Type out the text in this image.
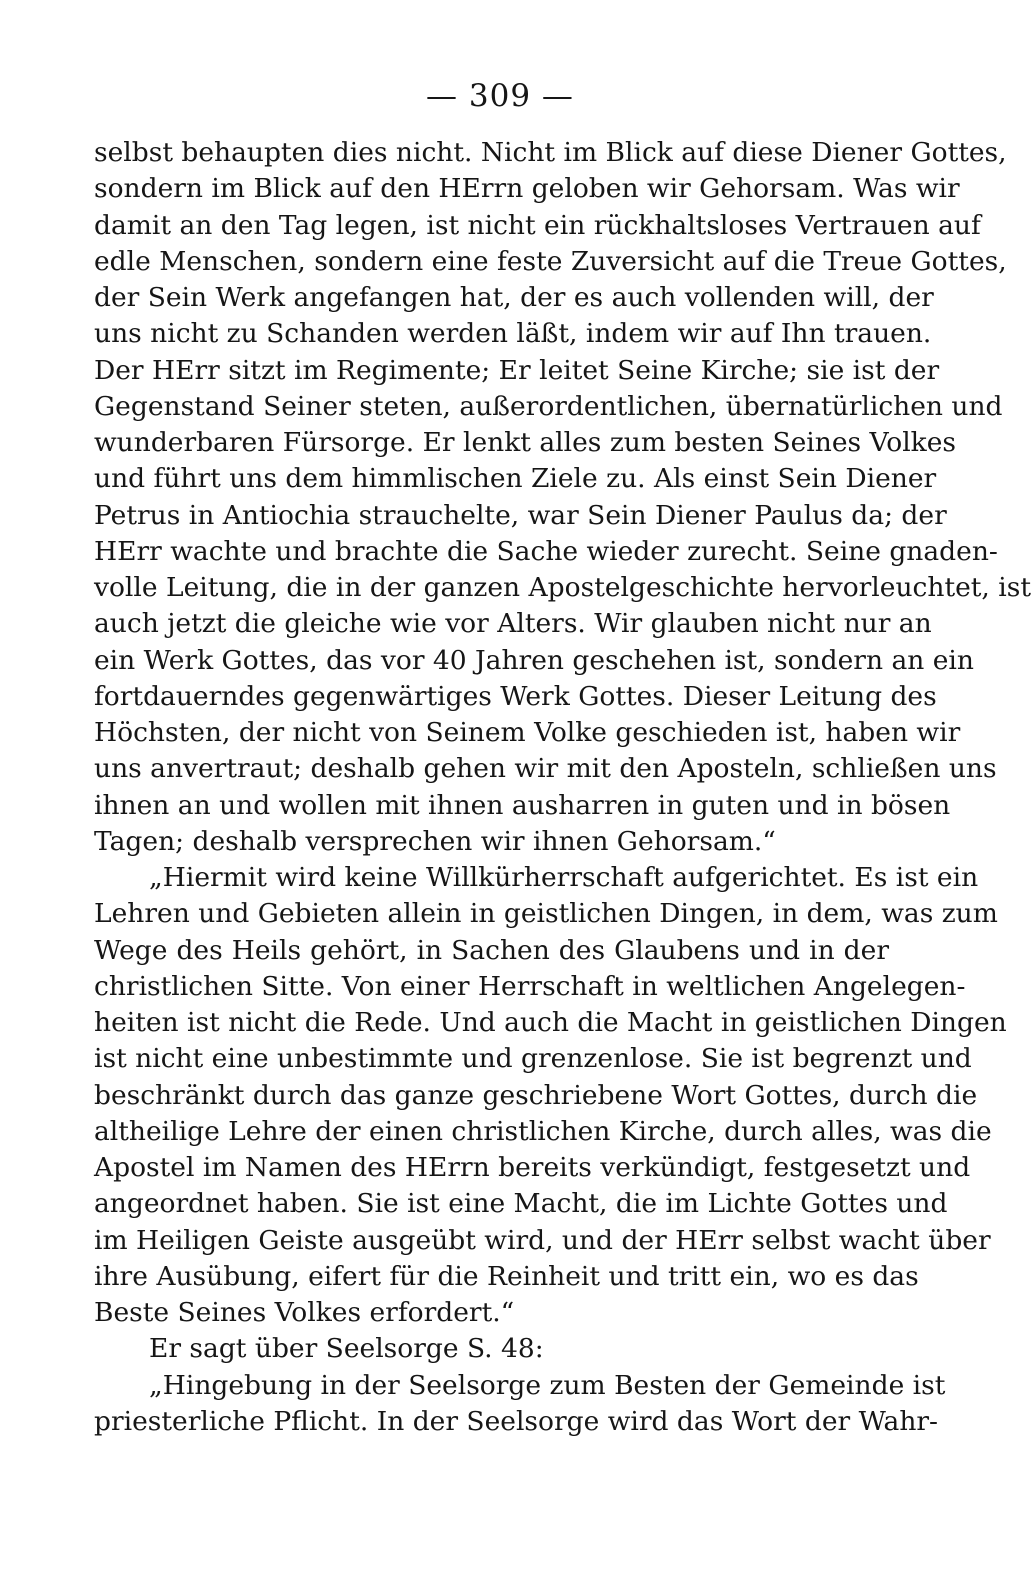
— 309 —
selbst behaupten dies nicht. Nicht im Blick auf diese Diener Gottes,
sondern im Blick auf den HErrn geloben wir Gehorsam. Was wir
damit an den Tag legen, ist nicht ein rückhaltsloses Vertrauen auf
edle Menschen, sondern eine feste Zuversicht auf die Treue Gottes,
der Sein Werk angefangen hat, der es auch vollenden will, der
uns nicht zu Schanden werden läßt, indem wir auf Ihn trauen.
Der HErr sitzt im Regimente; Er leitet Seine Kirche; sie ist der
Gegenstand Seiner steten, außerordentlichen, übernatürlichen und
wunderbaren Fürsorge. Er lenkt alles zum besten Seines Volkes
und führt uns dem himmlischen Ziele zu. Als einst Sein Diener
Petrus in Antiochia strauchelte, war Sein Diener Paulus da; der
HErr wachte und brachte die Sache wieder zurecht. Seine gnaden-
volle Leitung, die in der ganzen Apostelgeschichte hervorleuchtet, ist
auch jetzt die gleiche wie vor Alters. Wir glauben nicht nur an
ein Werk Gottes, das vor 40 Jahren geschehen ist, sondern an ein
fortdauerndes gegenwärtiges Werk Gottes. Dieser Leitung des
Höchsten, der nicht von Seinem Volke geschieden ist, haben wir
uns anvertraut; deshalb gehen wir mit den Aposteln, schließen uns
ihnen an und wollen mit ihnen ausharren in guten und in bösen
Tagen; deshalb versprechen wir ihnen Gehorsam.“
„Hiermit wird keine Willkürherrschaft aufgerichtet. Es ist ein
Lehren und Gebieten allein in geistlichen Dingen, in dem, was zum
Wege des Heils gehört, in Sachen des Glaubens und in der
christlichen Sitte. Von einer Herrschaft in weltlichen Angelegen-
heiten ist nicht die Rede. Und auch die Macht in geistlichen Dingen
ist nicht eine unbestimmte und grenzenlose. Sie ist begrenzt und
beschränkt durch das ganze geschriebene Wort Gottes, durch die
altheilige Lehre der einen christlichen Kirche, durch alles, was die
Apostel im Namen des HErrn bereits verkündigt, festgesetzt und
angeordnet haben. Sie ist eine Macht, die im Lichte Gottes und
im Heiligen Geiste ausgeübt wird, und der HErr selbst wacht über
ihre Ausübung, eifert für die Reinheit und tritt ein, wo es das
Beste Seines Volkes erfordert.“
Er sagt über Seelsorge S. 48:
„Hingebung in der Seelsorge zum Besten der Gemeinde ist
priesterliche Pflicht. In der Seelsorge wird das Wort der Wahr-
